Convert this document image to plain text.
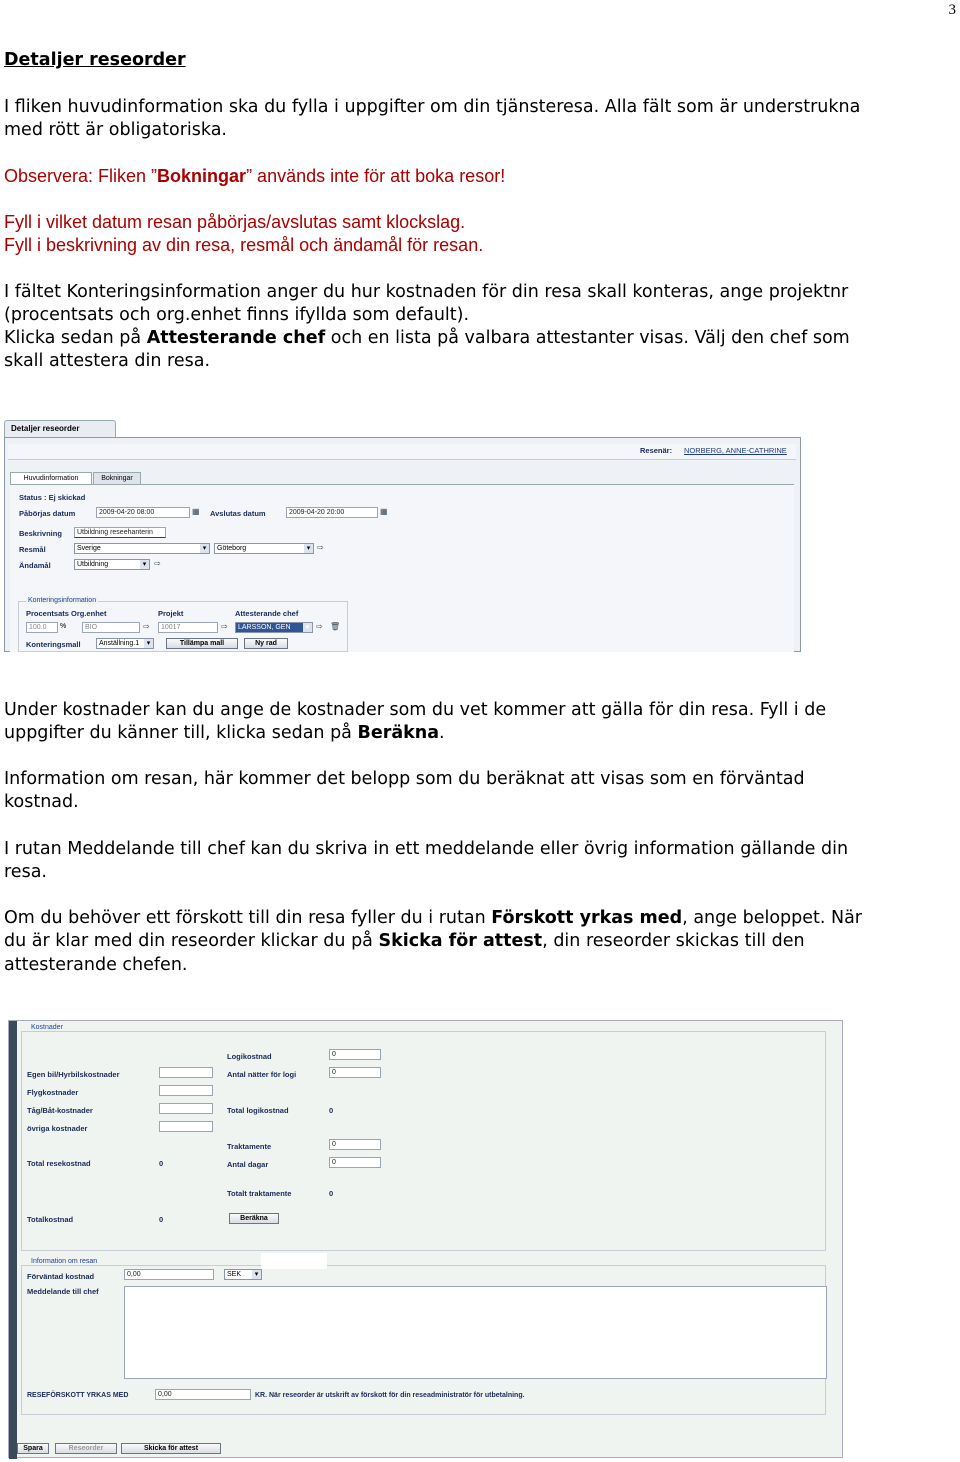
3
Detaljer reseorder
I fliken huvudinformation ska du fylla i uppgifter om din tjänsteresa. Alla fält som är understrukna
med rött är obligatoriska.
Observera: Fliken ”Bokningar” används inte för att boka resor!
Fyll i vilket datum resan påbörjas/avslutas samt klockslag.
Fyll i beskrivning av din resa, resmål och ändamål för resan.
I fältet Konteringsinformation anger du hur kostnaden för din resa skall konteras, ange projektnr
(procentsats och org.enhet finns ifyllda som default).
Klicka sedan på Attesterande chef och en lista på valbara attestanter visas. Välj den chef som
skall attestera din resa.
Detaljer reseorder
Resenär: NORBERG, ANNE-CATHRINE
Huvudinformation	Bokningar
Status : Ej skickad
Påbörjas datum	2009-04-20 08:00	▦ Avslutas datum	2009-04-20 20:00	▦
Beskrivning	Utbildning reseehanterin
Resmål	Sverige ▾	Göteborg ▾	⇨
Ändamål	Utbildning ▾	⇨
Konteringsinformation
Procentsats Org.enhet	Projekt	Attesterande chef
100.0	%	BIO	⇨	10017	⇨	LARSSON, GEN ▾	⇨ 🗑
Konteringsmall	Anställning.1 ▾	Tillämpa mall	Ny rad
Under kostnader kan du ange de kostnader som du vet kommer att gälla för din resa. Fyll i de
uppgifter du känner till, klicka sedan på Beräkna.
Information om resan, här kommer det belopp som du beräknat att visas som en förväntad
kostnad.
I rutan Meddelande till chef kan du skriva in ett meddelande eller övrig information gällande din
resa.
Om du behöver ett förskott till din resa fyller du i rutan Förskott yrkas med, ange beloppet. När
du är klar med din reseorder klickar du på Skicka för attest, din reseorder skickas till den
attesterande chefen.
Kostnader
Egen bil/Hyrbilskostnader
Flygkostnader
Tåg/Båt-kostnader
övriga kostnader
Total resekostnad	0
Totalkostnad	0
Logikostnad	0
Antal nätter för logi	0
Total logikostnad	0
Traktamente	0
Antal dagar	0
Totalt traktamente	0
Beräkna
Information om resan
Förväntad kostnad	0,00	SEK ▾
Meddelande till chef
RESEFÖRSKOTT YRKAS MED	0,00	KR. När reseorder är utskrift av förskott för din reseadministratör för utbetalning.
Spara	Reseorder	Skicka för attest
